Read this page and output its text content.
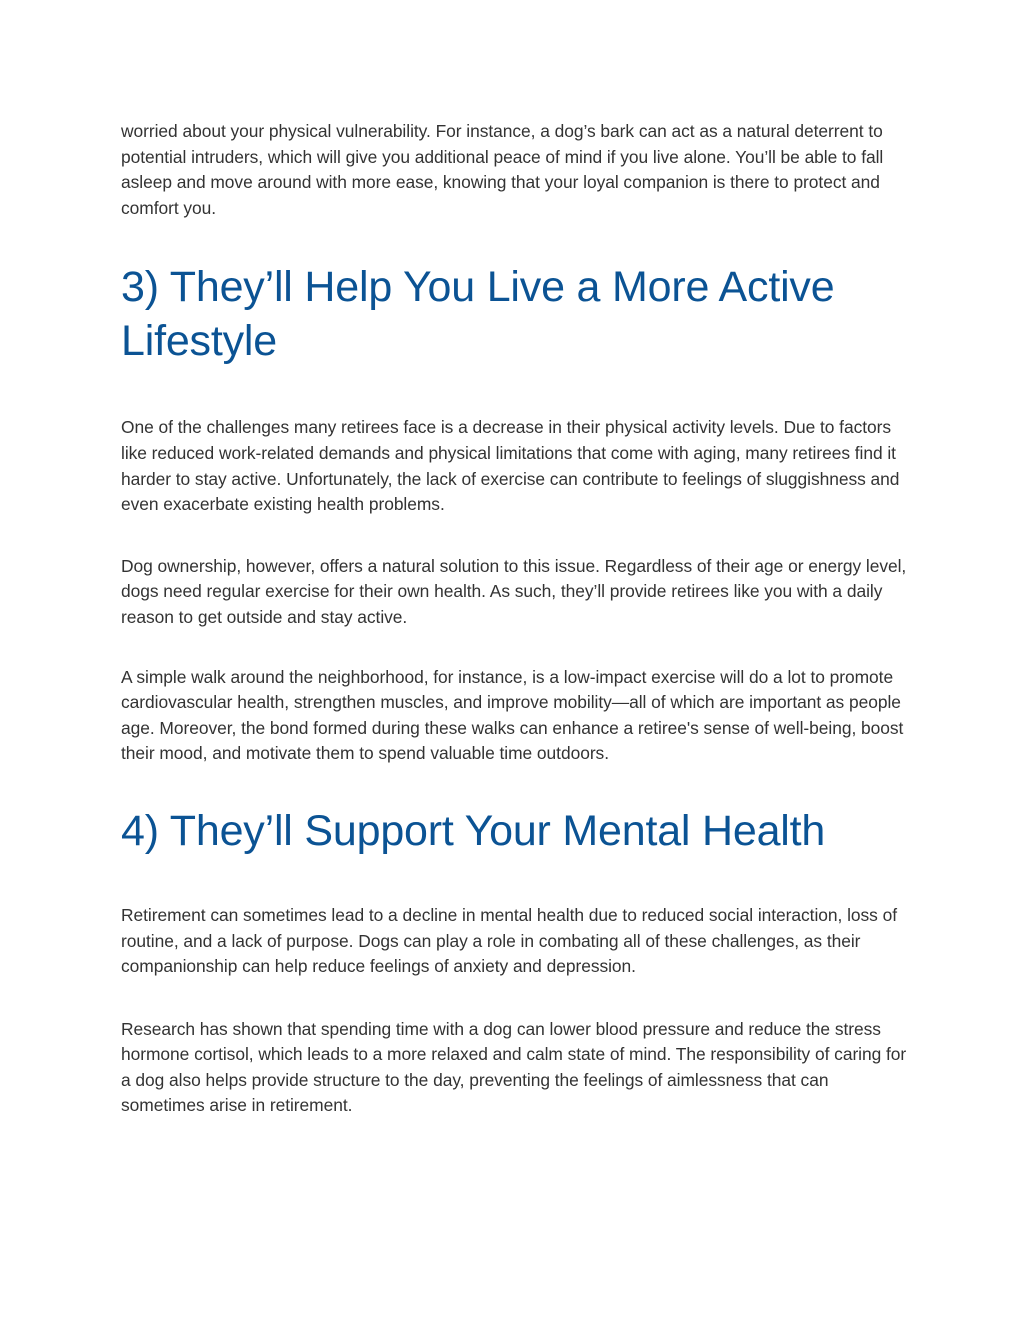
worried about your physical vulnerability. For instance, a dog’s bark can act as a natural deterrent to potential intruders, which will give you additional peace of mind if you live alone. You’ll be able to fall asleep and move around with more ease, knowing that your loyal companion is there to protect and comfort you.

3) They’ll Help You Live a More Active Lifestyle

One of the challenges many retirees face is a decrease in their physical activity levels. Due to factors like reduced work-related demands and physical limitations that come with aging, many retirees find it harder to stay active. Unfortunately, the lack of exercise can contribute to feelings of sluggishness and even exacerbate existing health problems.

Dog ownership, however, offers a natural solution to this issue. Regardless of their age or energy level, dogs need regular exercise for their own health. As such, they’ll provide retirees like you with a daily reason to get outside and stay active.

A simple walk around the neighborhood, for instance, is a low-impact exercise will do a lot to promote cardiovascular health, strengthen muscles, and improve mobility—all of which are important as people age. Moreover, the bond formed during these walks can enhance a retiree's sense of well-being, boost their mood, and motivate them to spend valuable time outdoors.

4) They’ll Support Your Mental Health

Retirement can sometimes lead to a decline in mental health due to reduced social interaction, loss of routine, and a lack of purpose. Dogs can play a role in combating all of these challenges, as their companionship can help reduce feelings of anxiety and depression.

Research has shown that spending time with a dog can lower blood pressure and reduce the stress hormone cortisol, which leads to a more relaxed and calm state of mind. The responsibility of caring for a dog also helps provide structure to the day, preventing the feelings of aimlessness that can sometimes arise in retirement.
